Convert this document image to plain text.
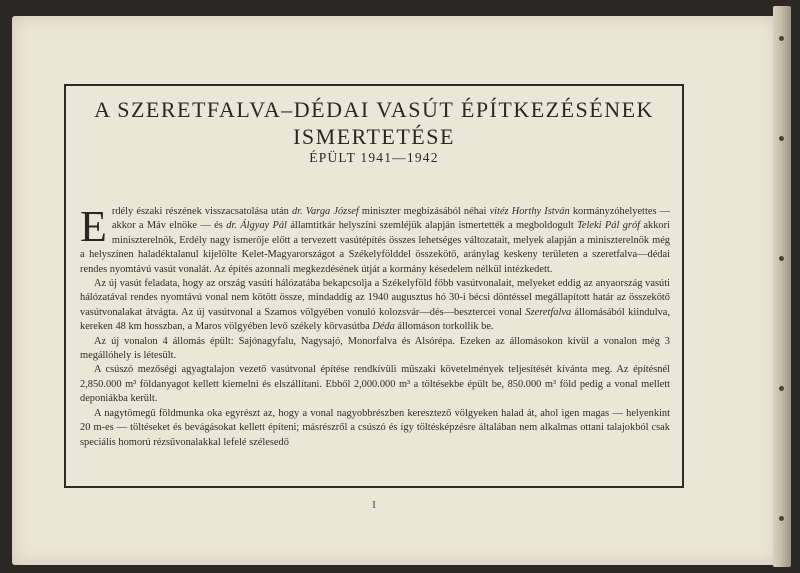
A SZERETFALVA–DÉDAI VASÚT ÉPÍTKEZÉSÉNEK
ISMERTETÉSE
ÉPÜLT 1941—1942
E rdély északi részének visszacsatolása után dr. Varga József miniszter megbízásából néhai vitéz Horthy István kormányzóhelyettes — akkor a Máv elnöke — és dr. Álgyay Pál államtitkár helyszíni szemléjük alapján ismertették a megboldogult Teleki Pál gróf akkori miniszterelnök, Erdély nagy ismerője előtt a tervezett vasútépítés összes lehetséges változatait, melyek alapján a miniszterelnök még a helyszínen haladéktalanul kijelölte Kelet-Magyarországot a Székelyfölddel összekötő, aránylag keskeny területen a szeretfalva—dédai rendes nyomtávú vasút vonalát. Az építés azonnali megkezdésének útját a kormány késedelem nélkül intézkedett.

Az új vasút feladata, hogy az ország vasúti hálózatába bekapcsolja a Székelyföld főbb vasútvonalait, melyeket eddig az anyaország vasúti hálózatával rendes nyomtávú vonal nem kötött össze, mindaddig az 1940 augusztus hó 30-i bécsi döntéssel megállapított határ az összekötő vasútvonalakat átvágta. Az új vasútvonal a Szamos völgyében vonuló kolozsvár—dés—besztercei vonal Szeretfalva állomásából kiindulva, kereken 48 km hosszban, a Maros völgyében levő székely körvasútba Déda állomáson torkollik be.

Az új vonalon 4 állomás épült: Sajónagyfalu, Nagysajó, Monorfalva és Alsórépa. Ezeken az állomásokon kívül a vonalon még 3 megállóhely is létesült.

A csúszó mezőségi agyagtalajon vezető vasútvonal építése rendkívüli műszaki követelmények teljesítését kívánta meg. Az építésnél 2,850.000 m³ földanyagot kellett kiemelni és elszállítani. Ebből 2,000.000 m³ a töltésekbe épült be, 850.000 m³ föld pedig a vonal mellett deponiákba került.

A nagytömegű földmunka oka egyrészt az, hogy a vonal nagyobbrészben keresztező völgyeken halad át, ahol igen magas — helyenkint 20 m-es — töltéseket és bevágásokat kellett építeni; másrészről a csúszó és így töltésképzésre általában nem alkalmas ottani talajokból csak speciális homorú rézsűvonalakkal lefelé szélesedő

I
